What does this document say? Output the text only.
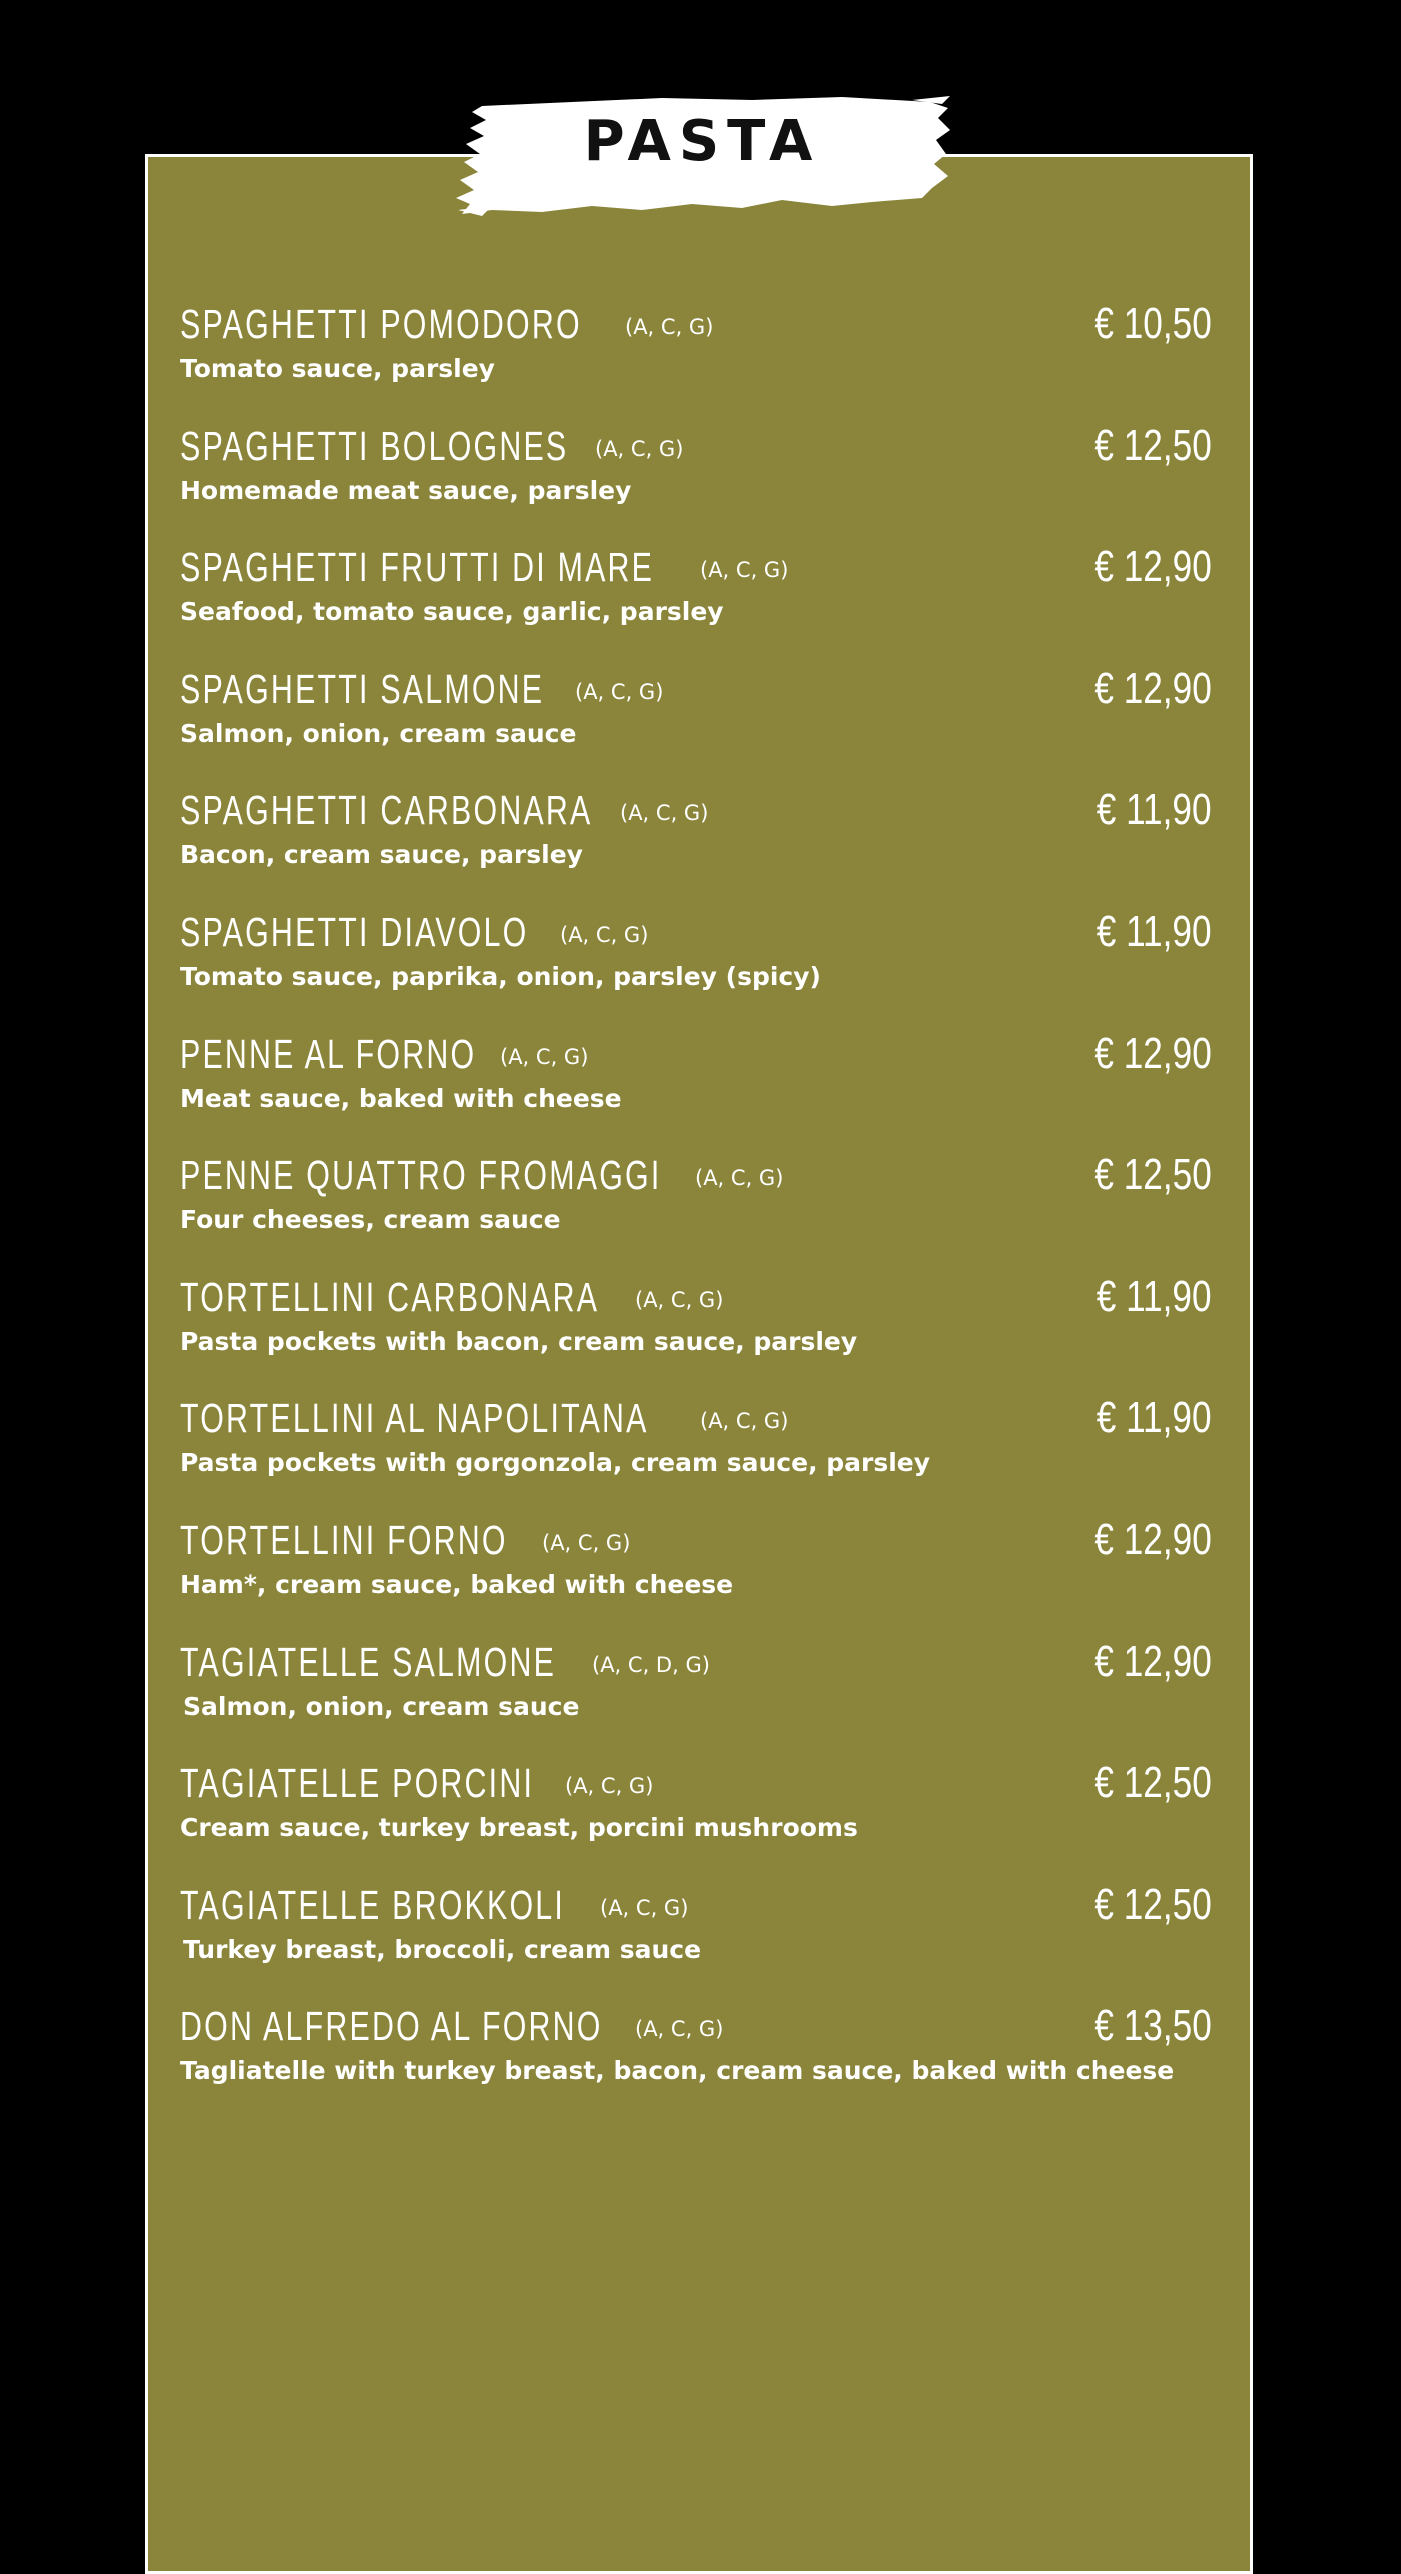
PASTA
SPAGHETTI POMODORO (A, C, G)	€ 10,50
Tomato sauce, parsley
SPAGHETTI BOLOGNES (A, C, G)	€ 12,50
Homemade meat sauce, parsley
SPAGHETTI FRUTTI DI MARE (A, C, G)	€ 12,90
Seafood, tomato sauce, garlic, parsley
SPAGHETTI SALMONE (A, C, G)	€ 12,90
Salmon, onion, cream sauce
SPAGHETTI CARBONARA (A, C, G)	€ 11,90
Bacon, cream sauce, parsley
SPAGHETTI DIAVOLO (A, C, G)	€ 11,90
Tomato sauce, paprika, onion, parsley (spicy)
PENNE AL FORNO (A, C, G)	€ 12,90
Meat sauce, baked with cheese
PENNE QUATTRO FROMAGGI (A, C, G)	€ 12,50
Four cheeses, cream sauce
TORTELLINI CARBONARA (A, C, G)	€ 11,90
Pasta pockets with bacon, cream sauce, parsley
TORTELLINI AL NAPOLITANA (A, C, G)	€ 11,90
Pasta pockets with gorgonzola, cream sauce, parsley
TORTELLINI FORNO (A, C, G)	€ 12,90
Ham*, cream sauce, baked with cheese
TAGIATELLE SALMONE (A, C, D, G)	€ 12,90
Salmon, onion, cream sauce
TAGIATELLE PORCINI (A, C, G)	€ 12,50
Cream sauce, turkey breast, porcini mushrooms
TAGIATELLE BROKKOLI (A, C, G)	€ 12,50
Turkey breast, broccoli, cream sauce
DON ALFREDO AL FORNO (A, C, G)	€ 13,50
Tagliatelle with turkey breast, bacon, cream sauce, baked with cheese
